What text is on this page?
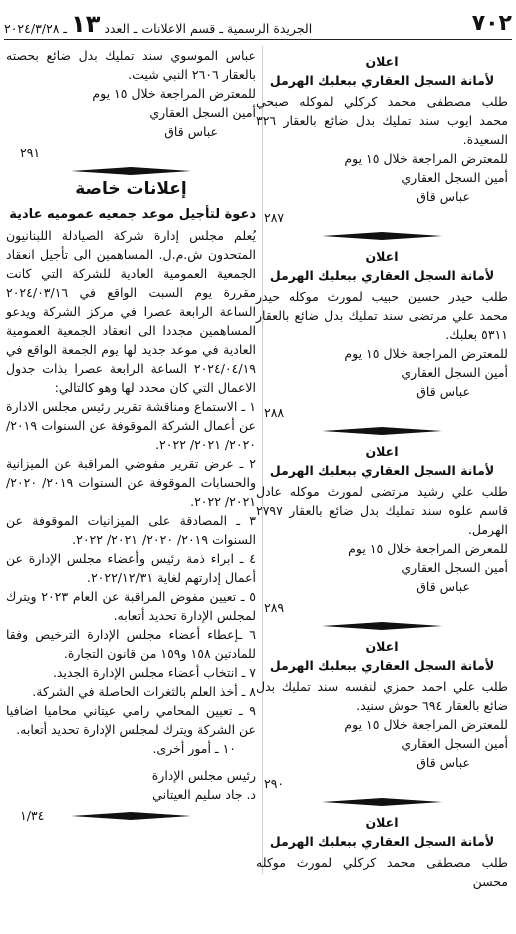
٧٠٢
الجريدة الرسمية ـ قسم الاعلانات ـ العدد
١٣
ـ ٢٠٢٤/٣/٢٨
اعلان
لأمانة السجل العقاري ببعلبك الهرمل

طلب مصطفى محمد كركلي لموكله صبحي محمد ايوب سند تمليك بدل ضائع بالعقار ٣٢٦ السعيدة.

للمعترض المراجعة خلال ١٥ يوم

أمين السجل العقاري

عباس قاق

٢٨٧
اعلان
لأمانة السجل العقاري ببعلبك الهرمل

طلب حيدر حسين حبيب لمورث موكله حيدر محمد علي مرتضى سند تمليك بدل ضائع بالعقار ٥٣١١ بعلبك.

للمعترض المراجعة خلال ١٥ يوم

أمين السجل العقاري

عباس قاق

٢٨٨
اعلان
لأمانة السجل العقاري ببعلبك الهرمل

طلب علي رشيد مرتضى لمورث موكله عادل قاسم علوه سند تمليك بدل ضائع بالعقار ٢٧٩٧ الهرمل.

للمعرض المراجعة خلال ١٥ يوم

أمين السجل العقاري

عباس قاق

٢٨٩
اعلان
لأمانة السجل العقاري ببعلبك الهرمل

طلب علي احمد حمزي لنفسه سند تمليك بدل ضائع بالعقار ٦٩٤ حوش سنيد.

للمعترض المراجعة خلال ١٥ يوم

أمين السجل العقاري

عباس قاق

٢٩٠
اعلان
لأمانة السجل العقاري ببعلبك الهرمل

طلب مصطفى محمد كركلي لمورث موكله محسن

عباس الموسوي سند تمليك بدل ضائع بحصته بالعقار ٢٦٠٦ النبي شيت.

للمعترض المراجعة خلال ١٥ يوم

أمين السجل العقاري

عباس قاق

٢٩١
إعلانات خاصة
دعوة لتأجيل موعد جمعيه عموميه عادية

يُعلم مجلس إدارة شركة الصيادلة اللبنانيون المتحدون ش.م.ل. المساهمين الى تأجيل انعقاد الجمعية العمومية العادية للشركة التي كانت مقررة يوم السبت الواقع في ٢٠٢٤/٠٣/١٦ الساعة الرابعة عصرا في مركز الشركة ويدعو المساهمين مجددا الى انعقاد الجمعية العمومية العادية في موعد جديد لها يوم الجمعة الواقع في ٢٠٢٤/٠٤/١٩ الساعة الرابعة عصرا بذات جدول الاعمال التي كان محدد لها وهو كالتالي:

١ ـ الاستماع ومناقشة تقرير رئيس مجلس الادارة عن أعمال الشركة الموقوفة عن السنوات ٢٠١٩/ ٢٠٢٠/ ٢٠٢١/ ٢٠٢٢.

٢ ـ عرض تقرير مفوضي المراقبة عن الميزانية والحسابات الموقوفة عن السنوات ٢٠١٩/ ٢٠٢٠/ ٢٠٢١/ ٢٠٢٢.

٣ ـ المصادقة على الميزانيات الموقوفة عن السنوات ٢٠١٩/ ٢٠٢٠/ ٢٠٢١/ ٢٠٢٢.

٤ ـ ابراء ذمة رئيس وأعضاء مجلس الإدارة عن أعمال إدارتهم لغاية ٢٠٢٢/١٢/٣١.

٥ ـ تعيين مفوض المراقبة عن العام ٢٠٢٣ ويترك لمجلس الإدارة تحديد أتعابه.

٦ ـإعطاء أعضاء مجلس الإدارة الترخيص وفقا للمادتين ١٥٨ و١٥٩ من قانون التجارة.

٧ ـ انتخاب أعضاء مجلس الإدارة الجديد.

٨ ـ أخذ العلم بالثغرات الحاصلة في الشركة.

٩ ـ تعيين المحامي رامي عيتاني محاميا اضافيا عن الشركة ويترك لمجلس الإدارة تحديد أتعابه.

١٠ ـ أمور أخرى.

رئيس مجلس الإدارة

د. جاد سليم العيتاني

١/٣٤
